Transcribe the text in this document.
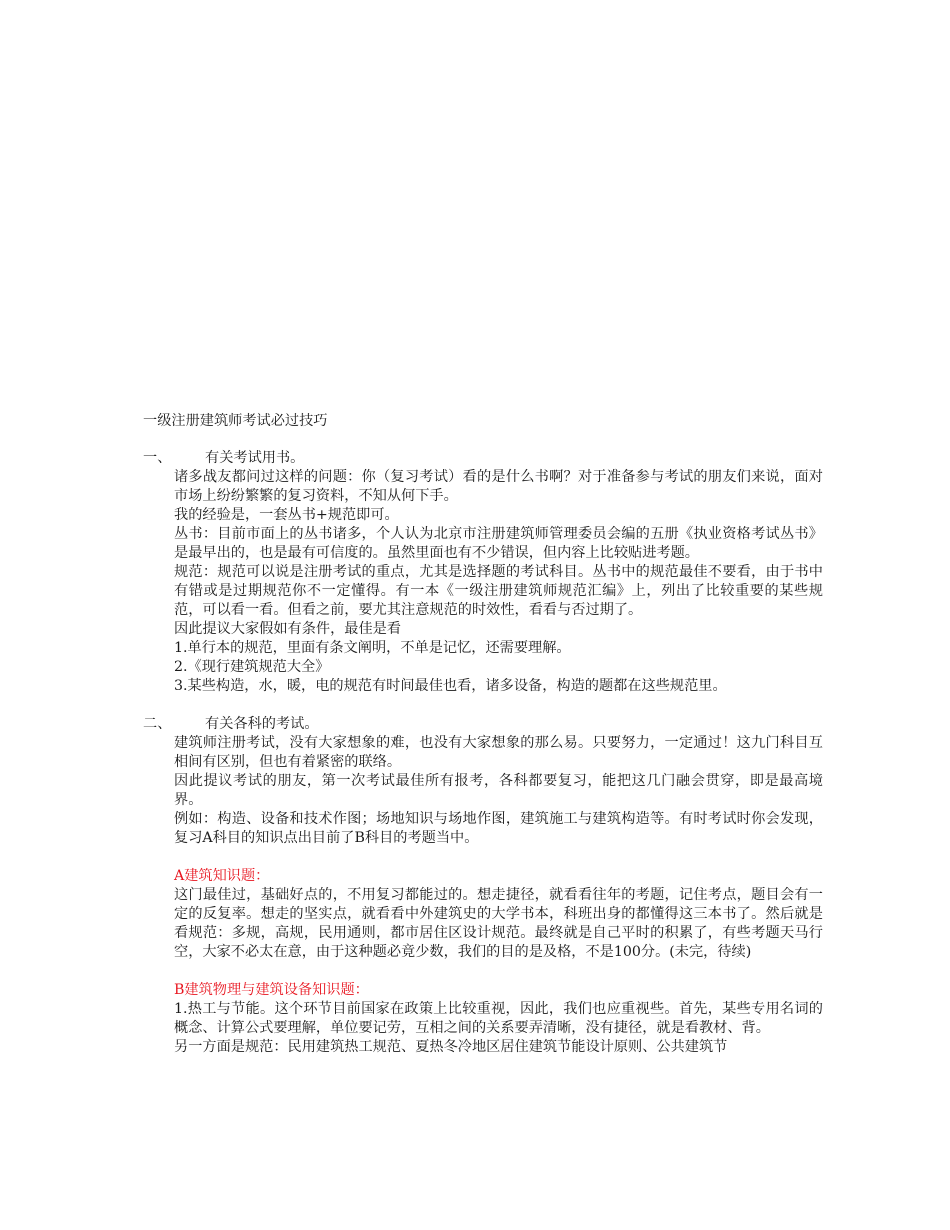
一级注册建筑师考试必过技巧

一、	有关考试用书。

诸多战友都问过这样的问题：你（复习考试）看的是什么书啊？对于准备参与考试的朋友们来说，面对市场上纷纷繁繁的复习资料，不知从何下手。

我的经验是，一套丛书+规范即可。

丛书：目前市面上的丛书诸多，个人认为北京市注册建筑师管理委员会编的五册《执业资格考试丛书》是最早出的，也是最有可信度的。虽然里面也有不少错误，但内容上比较贴进考题。

规范：规范可以说是注册考试的重点，尤其是选择题的考试科目。丛书中的规范最佳不要看，由于书中有错或是过期规范你不一定懂得。有一本《一级注册建筑师规范汇编》上，列出了比较重要的某些规范，可以看一看。但看之前，要尤其注意规范的时效性，看看与否过期了。

因此提议大家假如有条件，最佳是看

1.单行本的规范，里面有条文阐明，不单是记忆，还需要理解。

2.《现行建筑规范大全》

3.某些构造，水，暖，电的规范有时间最佳也看，诸多设备，构造的题都在这些规范里。

二、	有关各科的考试。

建筑师注册考试，没有大家想象的难，也没有大家想象的那么易。只要努力，一定通过！这九门科目互相间有区别，但也有着紧密的联络。

因此提议考试的朋友，第一次考试最佳所有报考，各科都要复习，能把这几门融会贯穿，即是最高境界。

例如：构造、设备和技术作图；场地知识与场地作图，建筑施工与建筑构造等。有时考试时你会发现，复习A科目的知识点出目前了B科目的考题当中。

A建筑知识题：

这门最佳过，基础好点的，不用复习都能过的。想走捷径，就看看往年的考题，记住考点，题目会有一定的反复率。想走的坚实点，就看看中外建筑史的大学书本，科班出身的都懂得这三本书了。然后就是看规范：多规，高规，民用通则，都市居住区设计规范。最终就是自己平时的积累了，有些考题天马行空，大家不必太在意，由于这种题必竟少数，我们的目的是及格，不是100分。(未完，待续)

B建筑物理与建筑设备知识题：

1.热工与节能。这个环节目前国家在政策上比较重视，因此，我们也应重视些。首先，某些专用名词的概念、计算公式要理解，单位要记劳，互相之间的关系要弄清晰，没有捷径，就是看教材、背。

另一方面是规范：民用建筑热工规范、夏热冬冷地区居住建筑节能设计原则、公共建筑节
